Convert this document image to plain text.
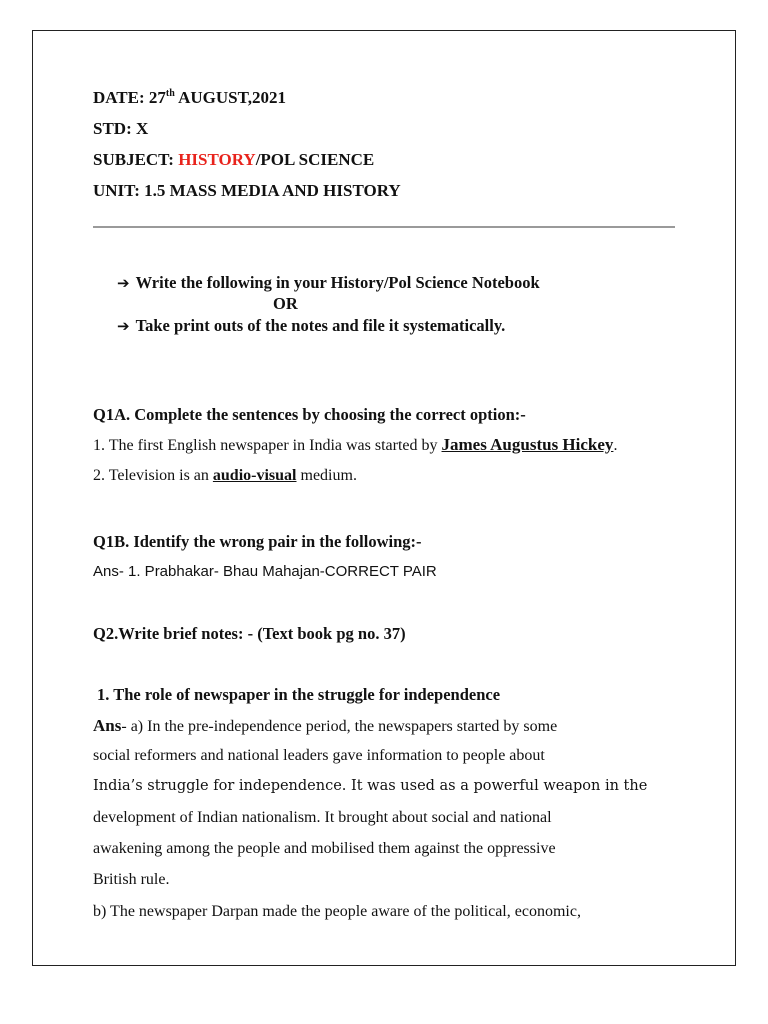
DATE: 27th AUGUST,2021
STD: X
SUBJECT: HISTORY/POL SCIENCE
UNIT: 1.5 MASS MEDIA AND HISTORY
➔ Write the following in your History/Pol Science Notebook
OR
➔ Take print outs of the notes and file it systematically.
Q1A. Complete the sentences by choosing the correct option:-
1. The first English newspaper in India was started by James Augustus Hickey.
2. Television is an audio-visual medium.
Q1B. Identify the wrong pair in the following:-
Ans- 1. Prabhakar- Bhau Mahajan-CORRECT PAIR
Q2.Write brief notes: - (Text book pg no. 37)
1. The role of newspaper in the struggle for independence
Ans- a) In the pre-independence period, the newspapers started by some
social reformers and national leaders gave information to people about
India’s struggle for independence. It was used as a powerful weapon in the
development of Indian nationalism. It brought about social and national
awakening among the people and mobilised them against the oppressive
British rule.
b) The newspaper Darpan made the people aware of the political, economic,
